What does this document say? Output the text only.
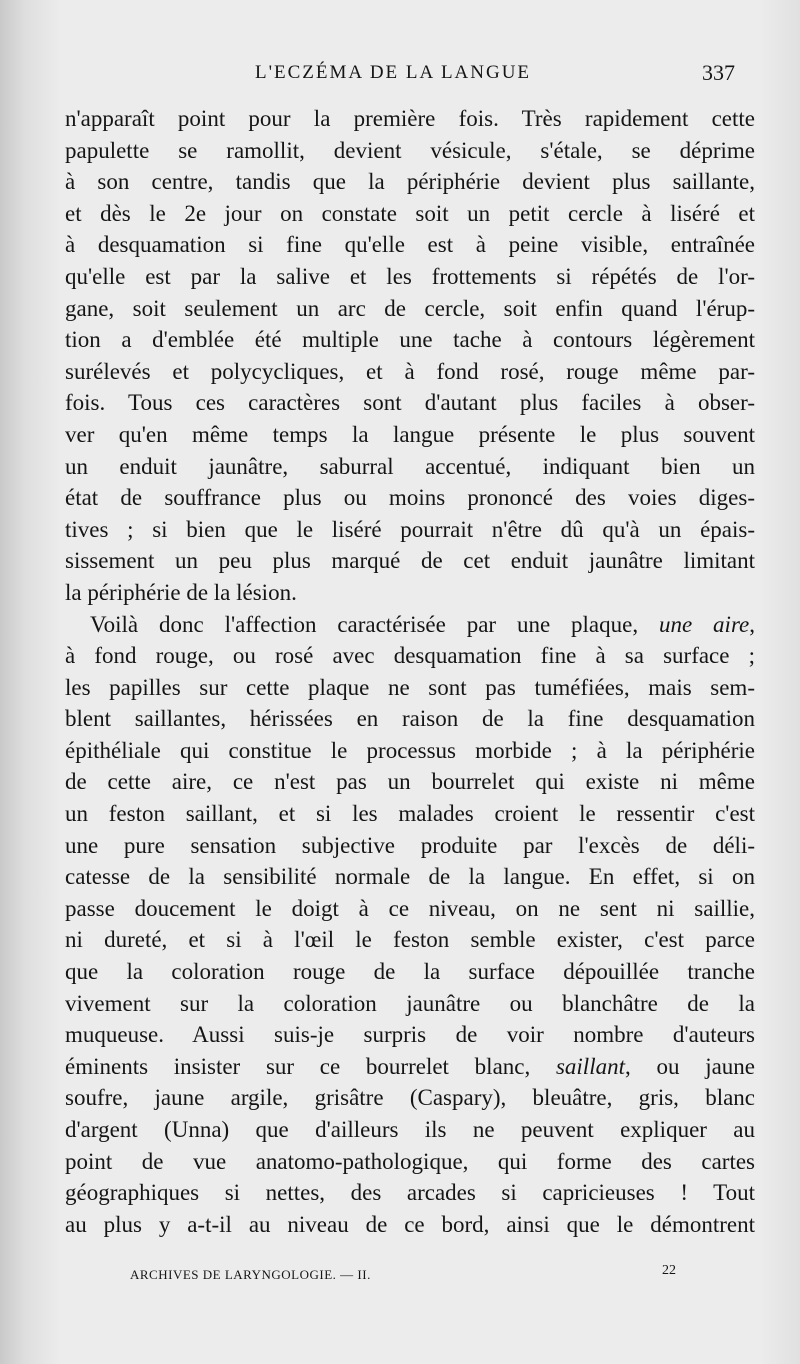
L'ECZÉMA DE LA LANGUE	337
n'apparaît point pour la première fois. Très rapidement cette
papulette se ramollit, devient vésicule, s'étale, se déprime
à son centre, tandis que la périphérie devient plus saillante,
et dès le 2e jour on constate soit un petit cercle à liséré et
à desquamation si fine qu'elle est à peine visible, entraînée
qu'elle est par la salive et les frottements si répétés de l'or-
gane, soit seulement un arc de cercle, soit enfin quand l'érup-
tion a d'emblée été multiple une tache à contours légèrement
surélevés et polycycliques, et à fond rosé, rouge même par-
fois. Tous ces caractères sont d'autant plus faciles à obser-
ver qu'en même temps la langue présente le plus souvent
un enduit jaunâtre, saburral accentué, indiquant bien un
état de souffrance plus ou moins prononcé des voies diges-
tives ; si bien que le liséré pourrait n'être dû qu'à un épais-
sissement un peu plus marqué de cet enduit jaunâtre limitant
la périphérie de la lésion.
Voilà donc l'affection caractérisée par une plaque, une aire,
à fond rouge, ou rosé avec desquamation fine à sa surface ;
les papilles sur cette plaque ne sont pas tuméfiées, mais sem-
blent saillantes, hérissées en raison de la fine desquamation
épithéliale qui constitue le processus morbide ; à la périphérie
de cette aire, ce n'est pas un bourrelet qui existe ni même
un feston saillant, et si les malades croient le ressentir c'est
une pure sensation subjective produite par l'excès de déli-
catesse de la sensibilité normale de la langue. En effet, si on
passe doucement le doigt à ce niveau, on ne sent ni saillie,
ni dureté, et si à l'œil le feston semble exister, c'est parce
que la coloration rouge de la surface dépouillée tranche
vivement sur la coloration jaunâtre ou blanchâtre de la
muqueuse. Aussi suis-je surpris de voir nombre d'auteurs
éminents insister sur ce bourrelet blanc, saillant, ou jaune
soufre, jaune argile, grisâtre (Caspary), bleuâtre, gris, blanc
d'argent (Unna) que d'ailleurs ils ne peuvent expliquer au
point de vue anatomo-pathologique, qui forme des cartes
géographiques si nettes, des arcades si capricieuses ! Tout
au plus y a-t-il au niveau de ce bord, ainsi que le démontrent
ARCHIVES DE LARYNGOLOGIE. — II.	22
